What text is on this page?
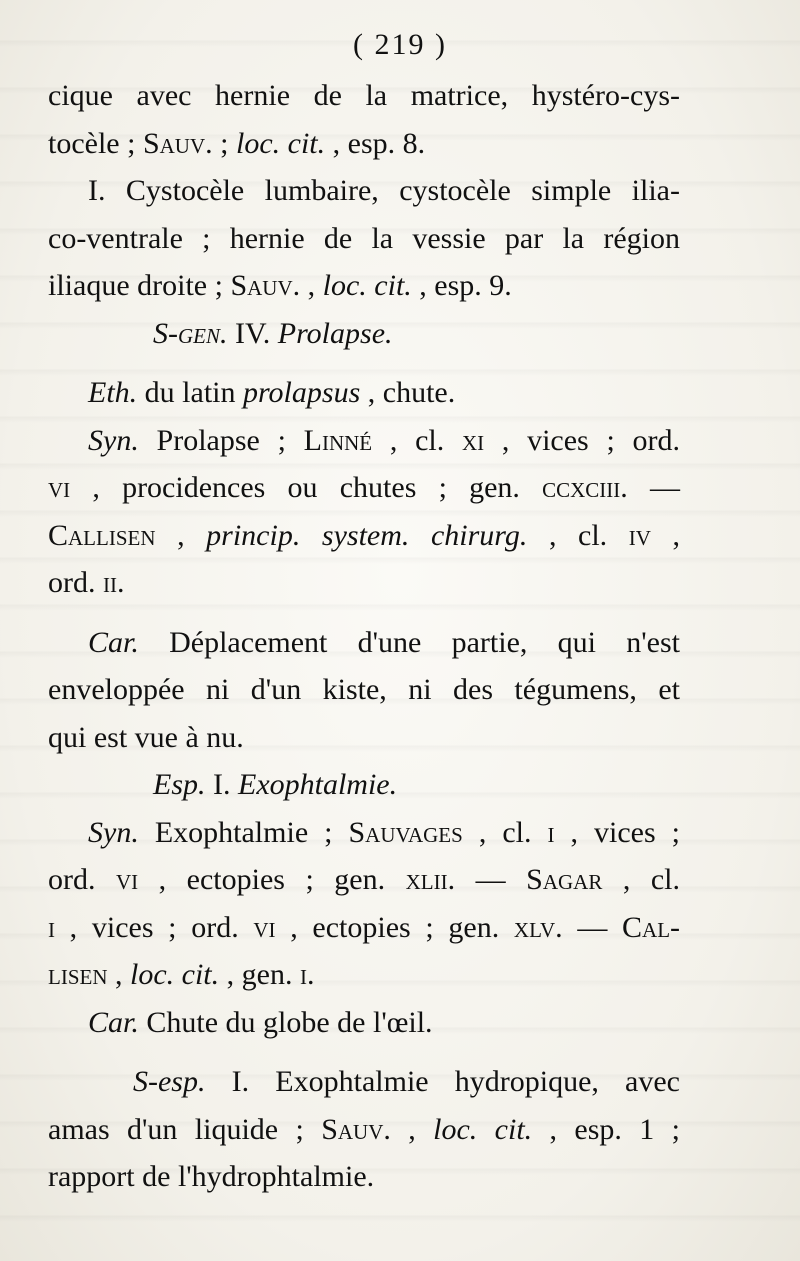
( 219 )
cique avec hernie de la matrice, hystéro-cys-
tocèle ; Sauv. ; loc. cit. , esp. 8.
I. Cystocèle lumbaire, cystocèle simple ilia-
co-ventrale ; hernie de la vessie par la région
iliaque droite ; Sauv. , loc. cit. , esp. 9.
S-gen. IV. Prolapse.
Eth. du latin prolapsus , chute.
Syn. Prolapse ; Linné , cl. xi , vices ; ord.
vi , procidences ou chutes ; gen. ccxciii. —
Callisen , princip. system. chirurg. , cl. iv ,
ord. ii.
Car. Déplacement d'une partie, qui n'est
enveloppée ni d'un kiste, ni des tégumens, et
qui est vue à nu.
Esp. I. Exophtalmie.
Syn. Exophtalmie ; Sauvages , cl. i , vices ;
ord. vi , ectopies ; gen. xlii. — Sagar , cl.
i , vices ; ord. vi , ectopies ; gen. xlv. — Cal-
lisen , loc. cit. , gen. i.
Car. Chute du globe de l'œil.
S-esp. I. Exophtalmie hydropique, avec
amas d'un liquide ; Sauv. , loc. cit. , esp. 1 ;
rapport de l'hydrophtalmie.
